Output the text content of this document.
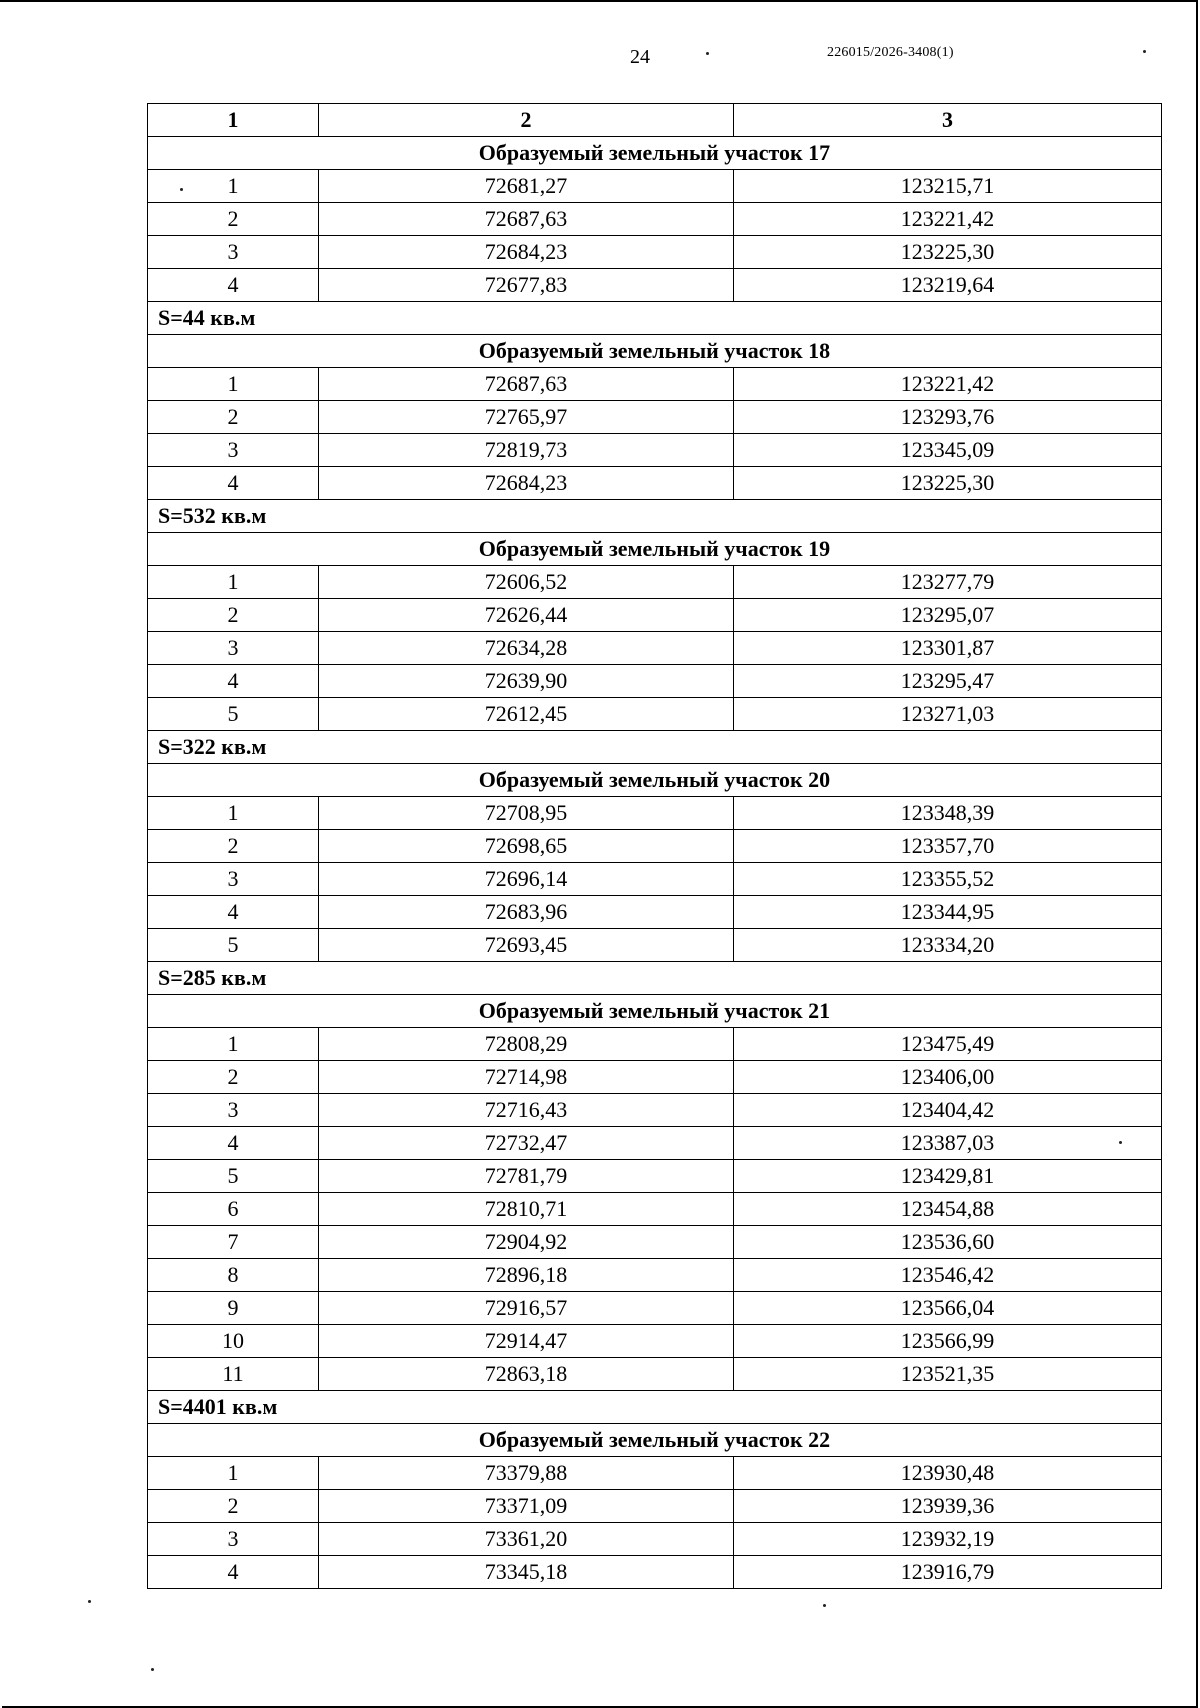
24	226015/2026-3408(1)
1	2	3
Образуемый земельный участок 17		
1	72681,27	123215,71
2	72687,63	123221,42
3	72684,23	123225,30
4	72677,83	123219,64
S=44 кв.м		
Образуемый земельный участок 18		
1	72687,63	123221,42
2	72765,97	123293,76
3	72819,73	123345,09
4	72684,23	123225,30
S=532 кв.м		
Образуемый земельный участок 19		
1	72606,52	123277,79
2	72626,44	123295,07
3	72634,28	123301,87
4	72639,90	123295,47
5	72612,45	123271,03
S=322 кв.м		
Образуемый земельный участок 20		
1	72708,95	123348,39
2	72698,65	123357,70
3	72696,14	123355,52
4	72683,96	123344,95
5	72693,45	123334,20
S=285 кв.м		
Образуемый земельный участок 21		
1	72808,29	123475,49
2	72714,98	123406,00
3	72716,43	123404,42
4	72732,47	123387,03
5	72781,79	123429,81
6	72810,71	123454,88
7	72904,92	123536,60
8	72896,18	123546,42
9	72916,57	123566,04
10	72914,47	123566,99
11	72863,18	123521,35
S=4401 кв.м		
Образуемый земельный участок 22		
1	73379,88	123930,48
2	73371,09	123939,36
3	73361,20	123932,19
4	73345,18	123916,79
